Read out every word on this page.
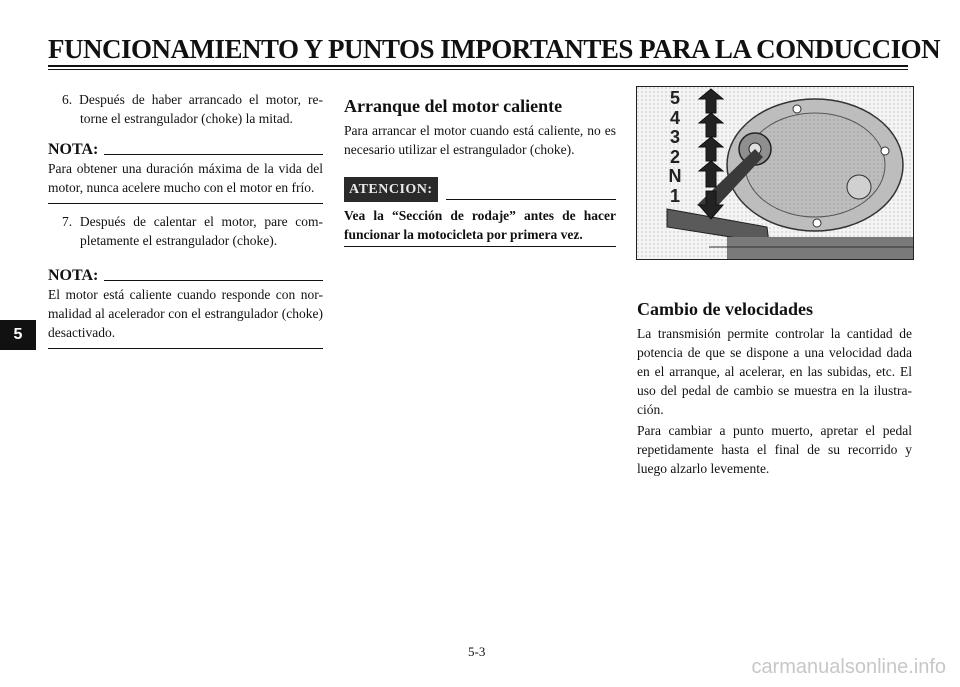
FUNCIONAMIENTO Y PUNTOS IMPORTANTES PARA LA CONDUCCION
5

6. Después de haber arrancado el motor, re-torne el estrangulador (choke) la mitad.

NOTA:

Para obtener una duración máxima de la vida del motor, nunca acelere mucho con el motor en frío.

7. Después de calentar el motor, pare com-pletamente el estrangulador (choke).

NOTA:

El motor está caliente cuando responde con nor-malidad al acelerador con el estrangulador (choke) desactivado.

Arranque del motor caliente

Para arrancar el motor cuando está caliente, no es necesario utilizar el estrangulador (choke).

ATENCION:

Vea la “Sección de rodaje” antes de hacer funcionar la motocicleta por primera vez.

5
4
3
2
N
1
Cambio de velocidades

La transmisión permite controlar la cantidad de potencia de que se dispone a una velocidad dada en el arranque, al acelerar, en las subidas, etc. El uso del pedal de cambio se muestra en la ilustra-ción.

Para cambiar a punto muerto, apretar el pedal repetidamente hasta el final de su recorrido y luego alzarlo levemente.

5-3
carmanualsonline.info
